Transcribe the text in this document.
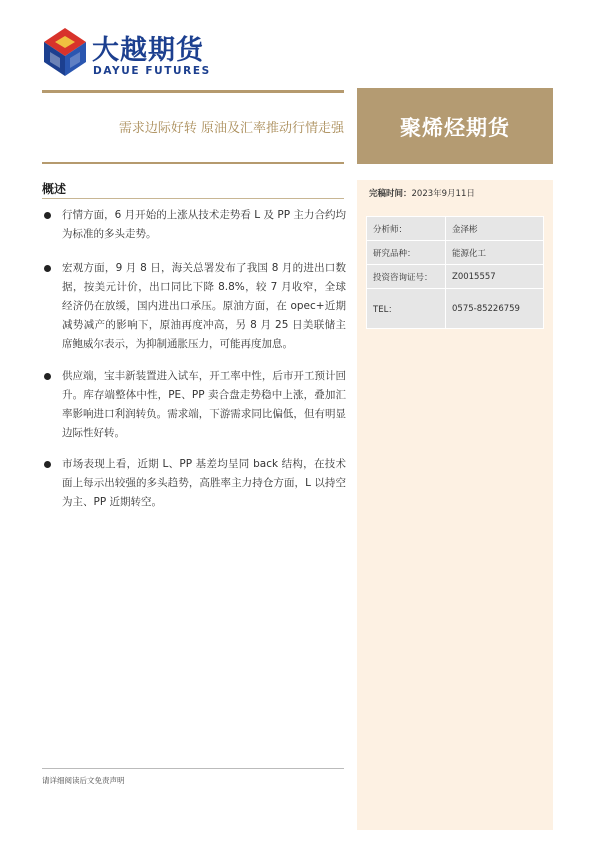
大越期货
DAYUE FUTURES
需求边际好转 原油及汇率推动行情走强	聚烯烃期货
概述
行情方面，6 月开始的上涨从技术走势看 L 及 PP 主力合约均为标准的多头走势。
宏观方面，9 月 8 日，海关总署发布了我国 8 月的进出口数据，按美元计价，出口同比下降 8.8%，较 7 月收窄，全球经济仍在放缓，国内进出口承压。原油方面，在 opec+近期减势减产的影响下，原油再度冲高，另 8 月 25 日美联储主席鲍威尔表示，为抑制通胀压力，可能再度加息。
供应端，宝丰新装置进入试车，开工率中性，后市开工预计回升。库存端整体中性，PE、PP 卖合盘走势稳中上涨，叠加汇率影响进口利润转负。需求端，下游需求同比偏低，但有明显边际性好转。
市场表现上看，近期 L、PP 基差均呈同 back 结构，在技术面上每示出较强的多头趋势，高胜率主力持仓方面，L 以持空为主、PP 近期转空。
完稿时间：2023年9月11日
分析师：	金泽彬
研究品种：	能源化工
投资咨询证号：	Z0015557
TEL：	0575-85226759
请详细阅读后文免责声明
